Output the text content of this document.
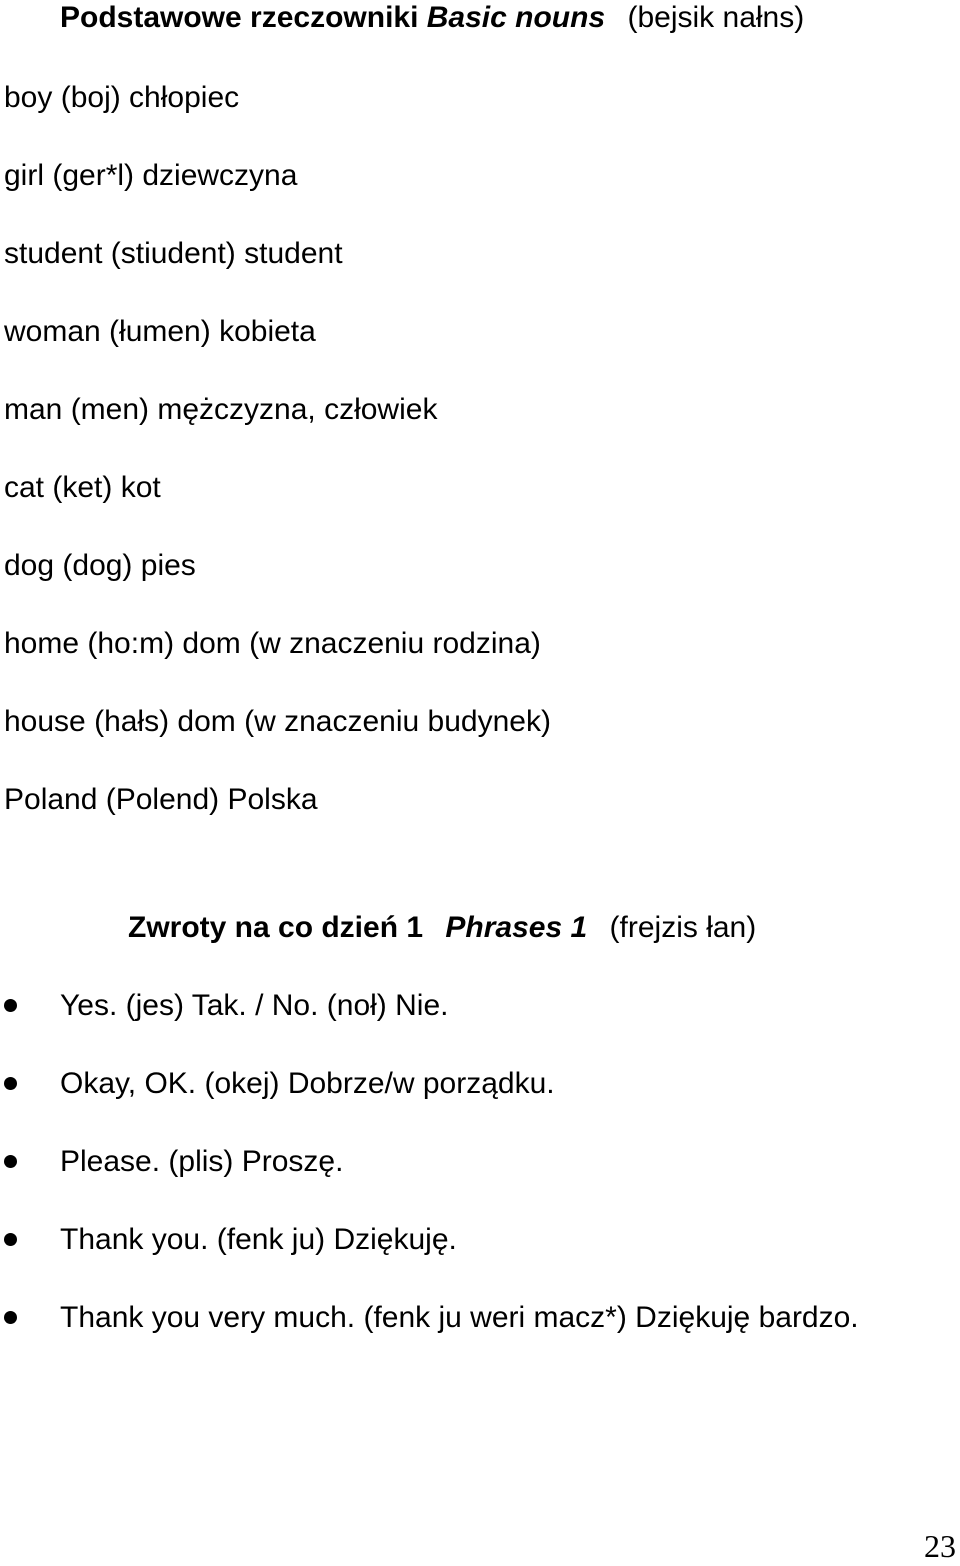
Podstawowe rzeczowniki Basic nouns (bejsik nałns)
boy (boj) chłopiec
girl (ger*l) dziewczyna
student (stiudent) student
woman (łumen) kobieta
man (men) mężczyzna, człowiek
cat (ket) kot
dog (dog) pies
home (ho:m) dom (w znaczeniu rodzina)
house (hałs) dom (w znaczeniu budynek)
Poland (Polend) Polska
Zwroty na co dzień 1 Phrases 1 (frejzis łan)
Yes. (jes) Tak. / No. (noł) Nie.
Okay, OK. (okej) Dobrze/w porządku.
Please. (plis) Proszę.
Thank you. (fenk ju) Dziękuję.
Thank you very much. (fenk ju weri macz*) Dziękuję bardzo.
23
